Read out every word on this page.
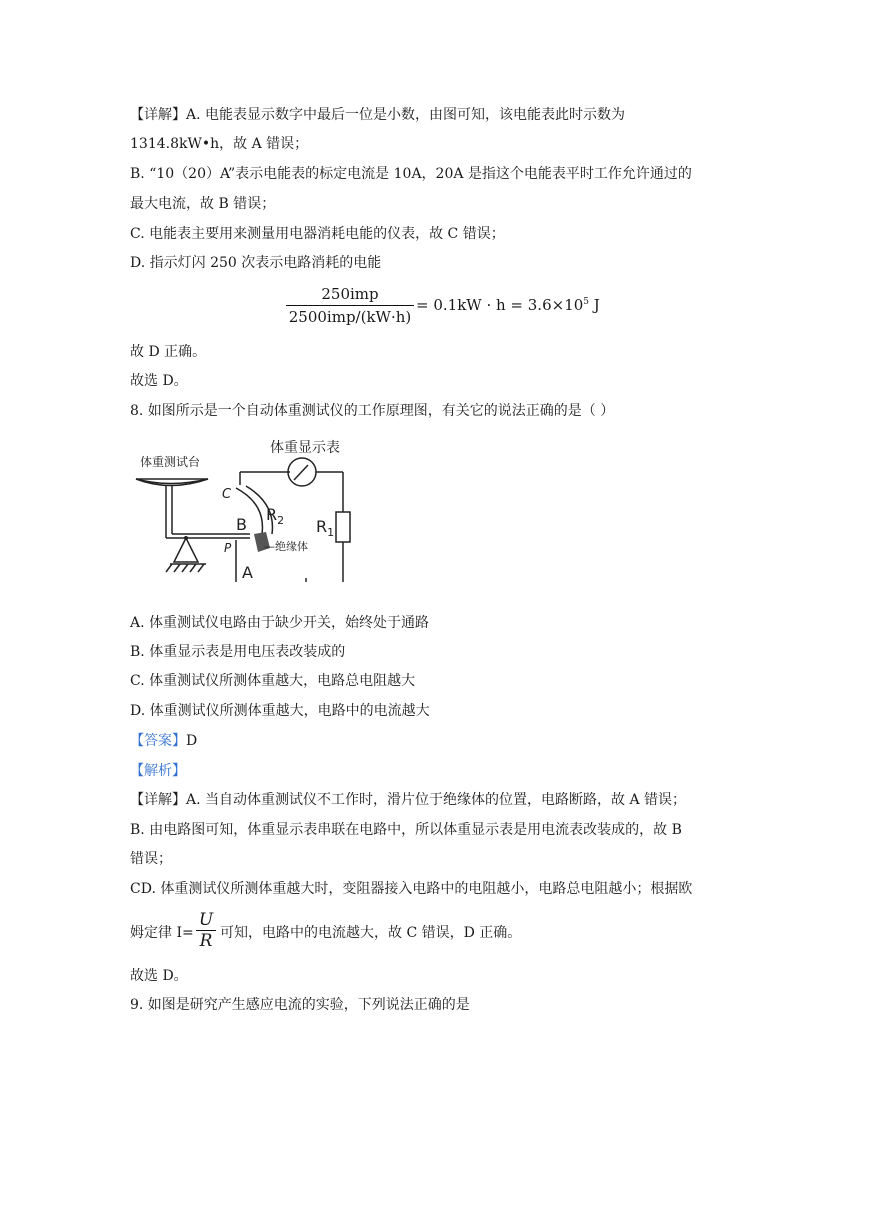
【详解】A. 电能表显示数字中最后一位是小数，由图可知，该电能表此时示数为
1314.8kW•h，故 A 错误；
B. “10（20）A”表示电能表的标定电流是 10A，20A 是指这个电能表平时工作允许通过的
最大电流，故 B 错误；
C. 电能表主要用来测量用电器消耗电能的仪表，故 C 错误；
D. 指示灯闪 250 次表示电路消耗的电能
250imp
2500imp/(kW·h)
= $0.1kW \cdot h = 3.6\times 10^5$ J
故 D 正确。
故选 D。
8. 如图所示是一个自动体重测试仪的工作原理图，有关它的说法正确的是（ ）
体重测试台
体重显示表
C
B
$R_2$ $R_1$
P	—绝缘体
A
A. 体重测试仪电路由于缺少开关，始终处于通路
B. 体重显示表是用电压表改装成的
C. 体重测试仪所测体重越大，电路总电阻越大
D. 体重测试仪所测体重越大，电路中的电流越大
【答案】D
【解析】
【详解】A. 当自动体重测试仪不工作时，滑片位于绝缘体的位置，电路断路，故 A 错误；
B. 由电路图可知，体重显示表串联在电路中，所以体重显示表是用电流表改装成的，故 B
错误；
CD. 体重测试仪所测体重越大时，变阻器接入电路中的电阻越小，电路总电阻越小；根据欧
姆定律 I=
U
R 可知，电路中的电流越大，故 C 错误，D 正确。
故选 D。
9. 如图是研究产生感应电流的实验，下列说法正确的是
